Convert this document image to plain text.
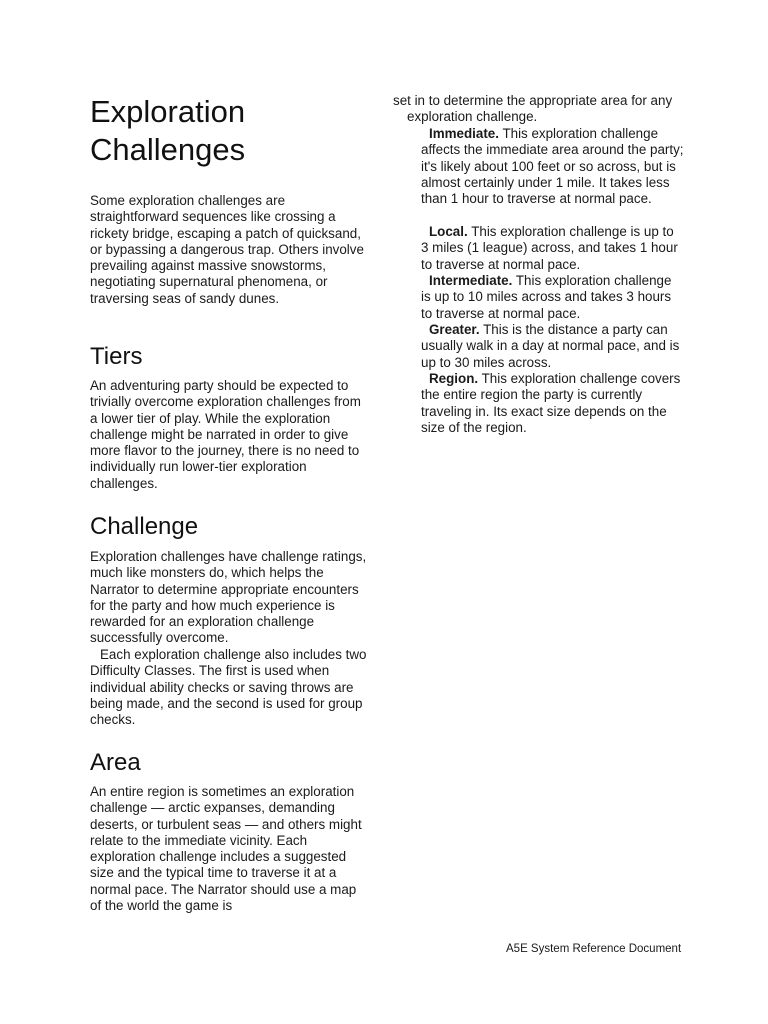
Exploration
Challenges

Some exploration challenges are straightforward sequences like crossing a rickety bridge, escaping a patch of quicksand, or bypassing a dangerous trap. Others involve prevailing against massive snowstorms, negotiating supernatural phenomena, or traversing seas of sandy dunes.

Tiers

An adventuring party should be expected to trivially overcome exploration challenges from a lower tier of play. While the exploration challenge might be narrated in order to give more flavor to the journey, there is no need to individually run lower-tier exploration challenges.

Challenge

Exploration challenges have challenge ratings, much like monsters do, which helps the Narrator to determine appropriate encounters for the party and how much experience is rewarded for an exploration challenge successfully overcome.

Each exploration challenge also includes two Difficulty Classes. The first is used when individual ability checks or saving throws are being made, and the second is used for group checks.

Area

An entire region is sometimes an exploration challenge — arctic expanses, demanding deserts, or turbulent seas — and others might relate to the immediate vicinity. Each exploration challenge includes a suggested size and the typical time to traverse it at a normal pace. The Narrator should use a map of the world the game is

set in to determine the appropriate area for any exploration challenge.

Immediate. This exploration challenge affects the immediate area around the party; it's likely about 100 feet or so across, but is almost certainly under 1 mile. It takes less than 1 hour to traverse at normal pace.

Local. This exploration challenge is up to 3 miles (1 league) across, and takes 1 hour to traverse at normal pace.

Intermediate. This exploration challenge is up to 10 miles across and takes 3 hours to traverse at normal pace.

Greater. This is the distance a party can usually walk in a day at normal pace, and is up to 30 miles across.

Region. This exploration challenge covers the entire region the party is currently traveling in. Its exact size depends on the size of the region.

A5E System Reference Document
